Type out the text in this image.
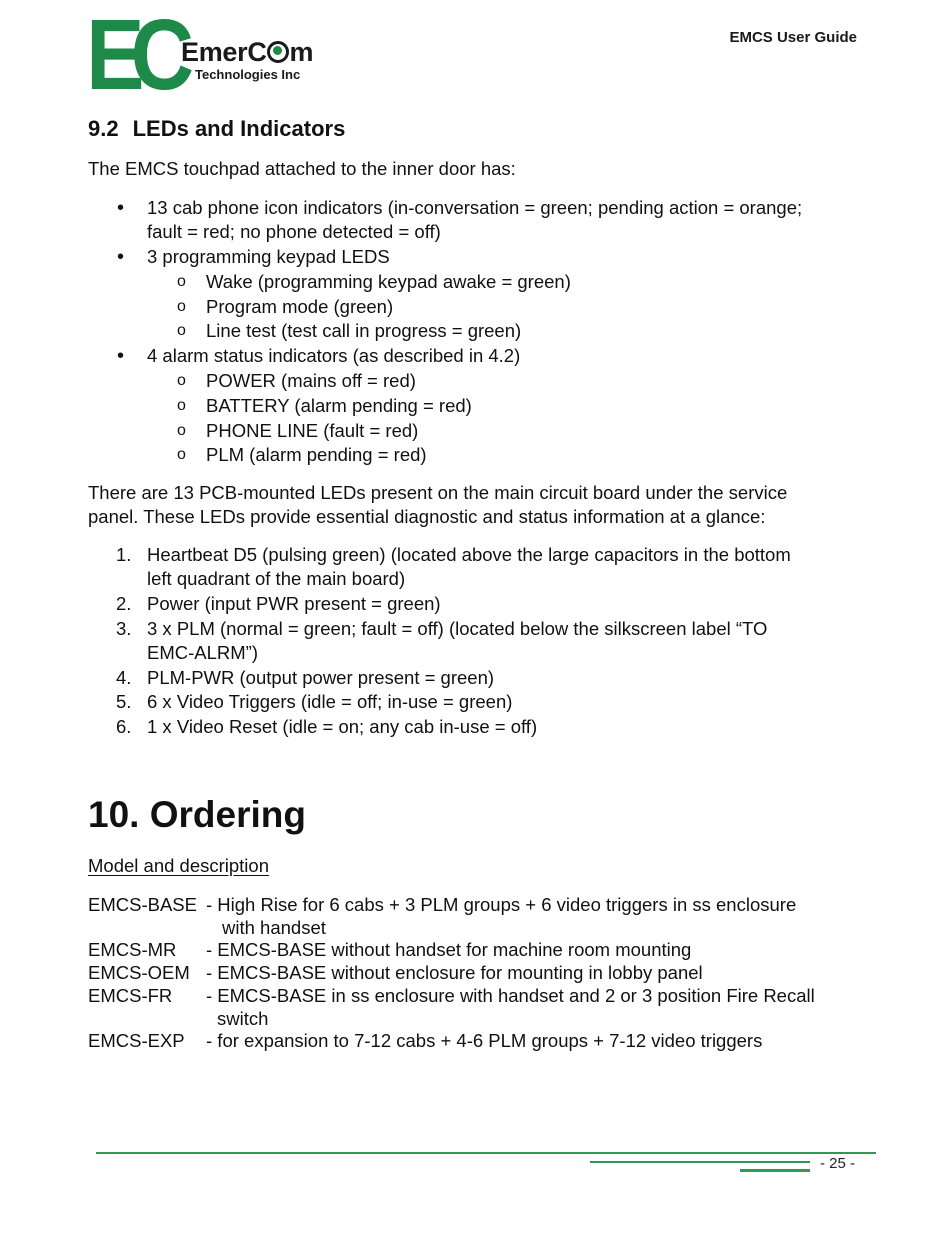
EC
EmerC m
Technologies Inc
EMCS User Guide
9.2 LEDs and Indicators
The EMCS touchpad attached to the inner door has:
• 13 cab phone icon indicators (in-conversation = green; pending action = orange;
fault = red; no phone detected = off)
• 3 programming keypad LEDS
o Wake (programming keypad awake = green)
o Program mode (green)
o Line test (test call in progress = green)
• 4 alarm status indicators (as described in 4.2)
o POWER (mains off = red)
o BATTERY (alarm pending = red)
o PHONE LINE (fault = red)
o PLM (alarm pending = red)
There are 13 PCB-mounted LEDs present on the main circuit board under the service
panel. These LEDs provide essential diagnostic and status information at a glance:
1. Heartbeat D5 (pulsing green) (located above the large capacitors in the bottom
left quadrant of the main board)
2. Power (input PWR present = green)
3. 3 x PLM (normal = green; fault = off) (located below the silkscreen label “TO
EMC-ALRM”)
4. PLM-PWR (output power present = green)
5. 6 x Video Triggers (idle = off; in-use = green)
6. 1 x Video Reset (idle = on; any cab in-use = off)
10. Ordering
Model and description
EMCS-BASE - High Rise for 6 cabs + 3 PLM groups + 6 video triggers in ss enclosure
with handset
EMCS-MR - EMCS-BASE without handset for machine room mounting
EMCS-OEM - EMCS-BASE without enclosure for mounting in lobby panel
EMCS-FR - EMCS-BASE in ss enclosure with handset and 2 or 3 position Fire Recall
switch
EMCS-EXP - for expansion to 7-12 cabs + 4-6 PLM groups + 7-12 video triggers
- 25 -
